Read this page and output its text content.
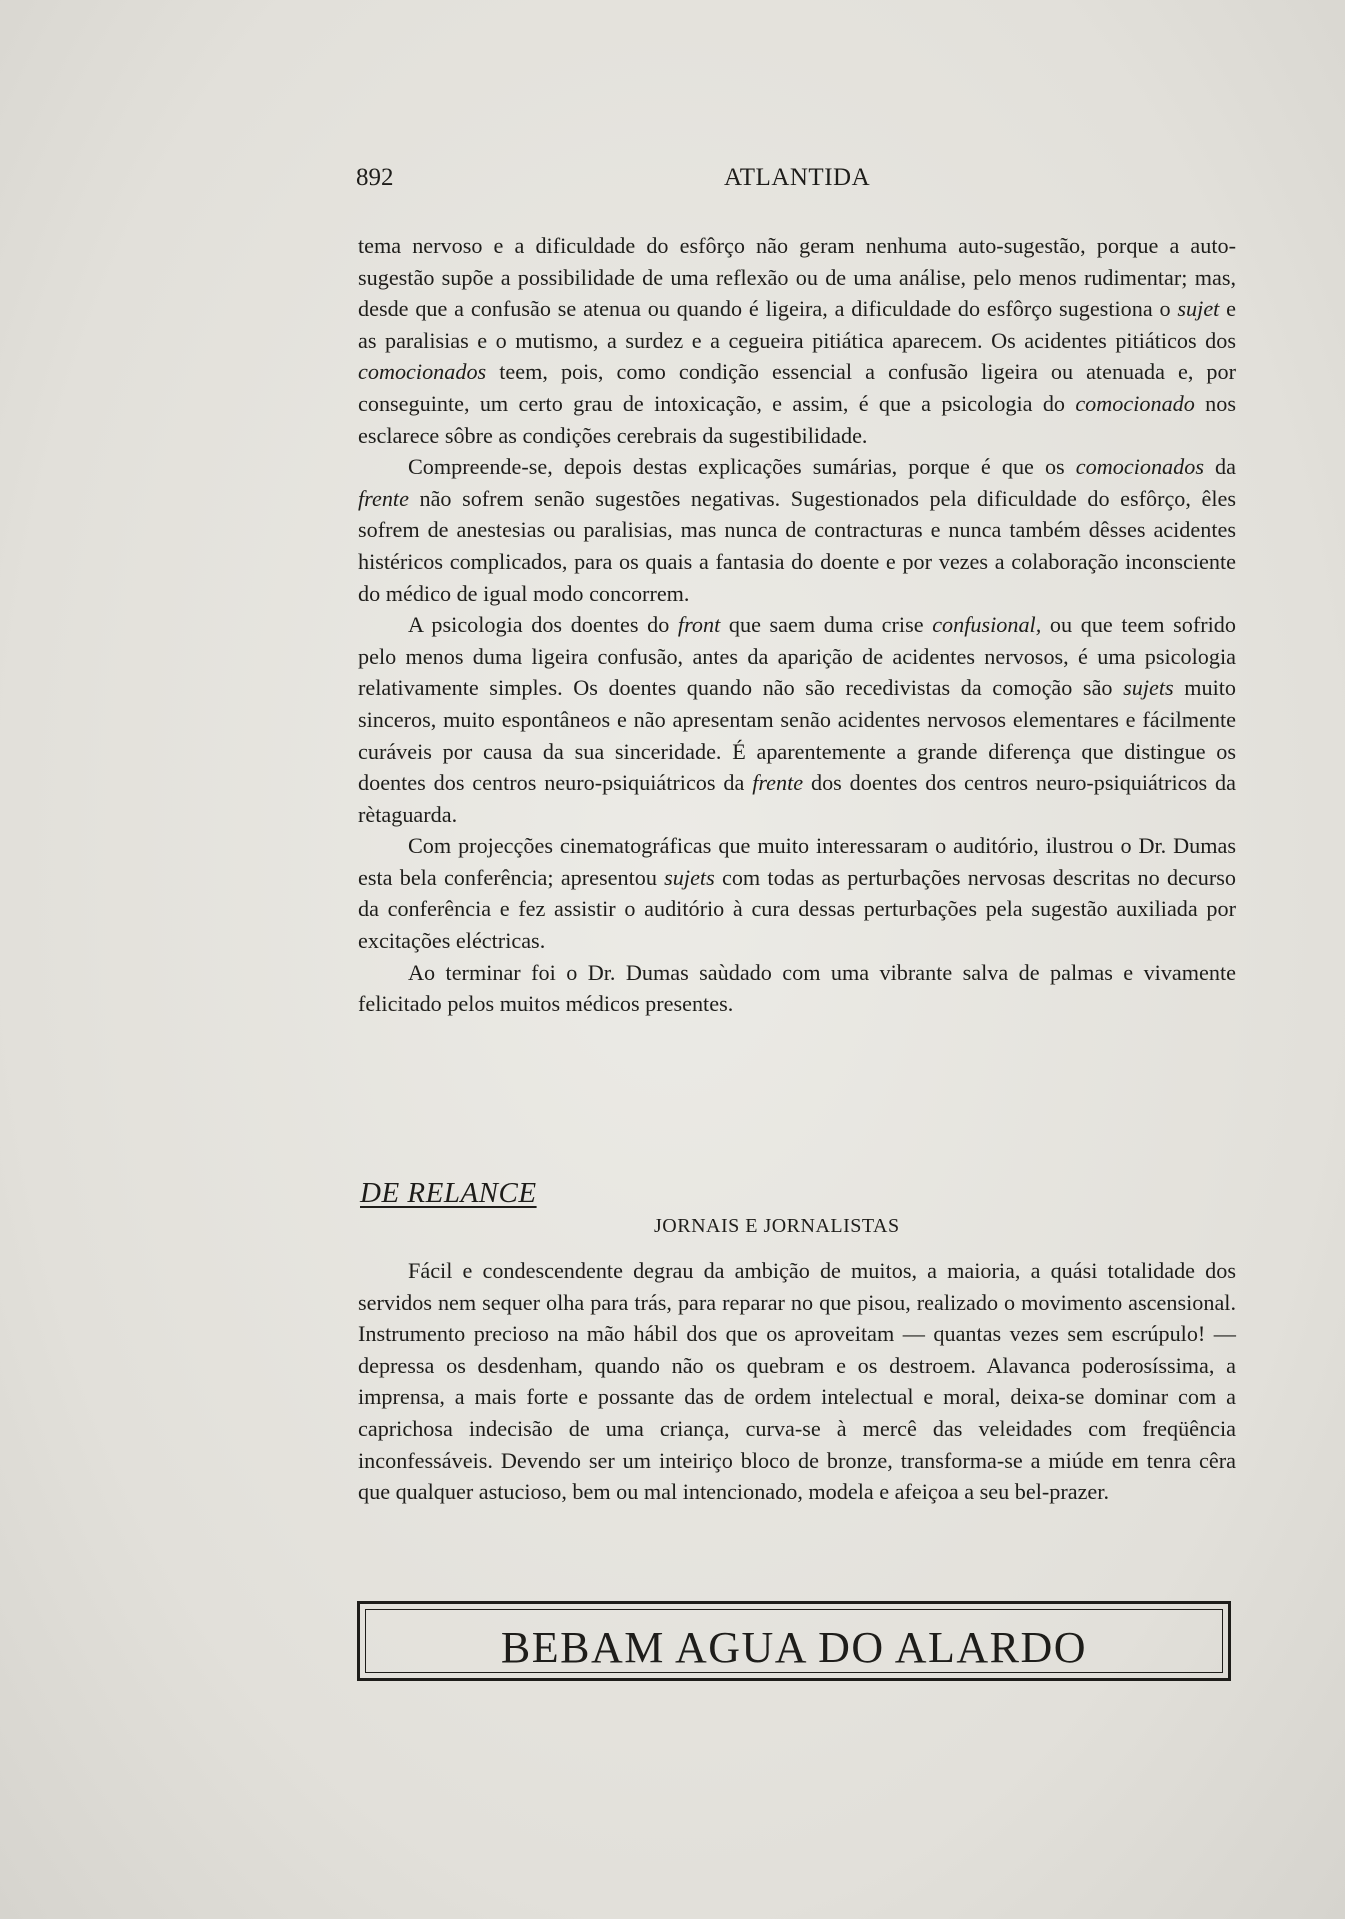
892	ATLANTIDA

tema nervoso e a dificuldade do esfôrço não geram nenhuma auto-sugestão, porque a auto-sugestão supõe a possibilidade de uma reflexão ou de uma análise, pelo menos rudimentar; mas, desde que a confusão se atenua ou quando é ligeira, a dificuldade do esfôrço sugestiona o sujet e as paralisias e o mutismo, a surdez e a cegueira pitiática aparecem. Os acidentes pitiáticos dos comocionados teem, pois, como condição essencial a confusão ligeira ou atenuada e, por conseguinte, um certo grau de intoxicação, e assim, é que a psicologia do comocionado nos esclarece sôbre as condições cerebrais da sugestibilidade.

Compreende-se, depois destas explicações sumárias, porque é que os comocionados da frente não sofrem senão sugestões negativas. Sugestionados pela dificuldade do esfôrço, êles sofrem de anestesias ou paralisias, mas nunca de contracturas e nunca também dêsses acidentes histéricos complicados, para os quais a fantasia do doente e por vezes a colaboração inconsciente do médico de igual modo concorrem.

A psicologia dos doentes do front que saem duma crise confusional, ou que teem sofrido pelo menos duma ligeira confusão, antes da aparição de acidentes nervosos, é uma psicologia relativamente simples. Os doentes quando não são recedivistas da comoção são sujets muito sinceros, muito espontâneos e não apresentam senão acidentes nervosos elementares e fácilmente curáveis por causa da sua sinceridade. É aparentemente a grande diferença que distingue os doentes dos centros neuro-psiquiátricos da frente dos doentes dos centros neuro-psiquiátricos da rètaguarda.

Com projecções cinematográficas que muito interessaram o auditório, ilustrou o Dr. Dumas esta bela conferência; apresentou sujets com todas as perturbações nervosas descritas no decurso da conferência e fez assistir o auditório à cura dessas perturbações pela sugestão auxiliada por excitações eléctricas.

Ao terminar foi o Dr. Dumas saùdado com uma vibrante salva de palmas e vivamente felicitado pelos muitos médicos presentes.

DE RELANCE
JORNAIS E JORNALISTAS

Fácil e condescendente degrau da ambição de muitos, a maioria, a quási totalidade dos servidos nem sequer olha para trás, para reparar no que pisou, realizado o movimento ascensional. Instrumento precioso na mão hábil dos que os aproveitam — quantas vezes sem escrúpulo! — depressa os desdenham, quando não os quebram e os destroem. Alavanca poderosíssima, a imprensa, a mais forte e possante das de ordem intelectual e moral, deixa-se dominar com a caprichosa indecisão de uma criança, curva-se à mercê das veleidades com freqüência inconfessáveis. Devendo ser um inteiriço bloco de bronze, transforma-se a miúde em tenra cêra que qualquer astucioso, bem ou mal intencionado, modela e afeiçoa a seu bel-prazer.

BEBAM AGUA DO ALARDO
